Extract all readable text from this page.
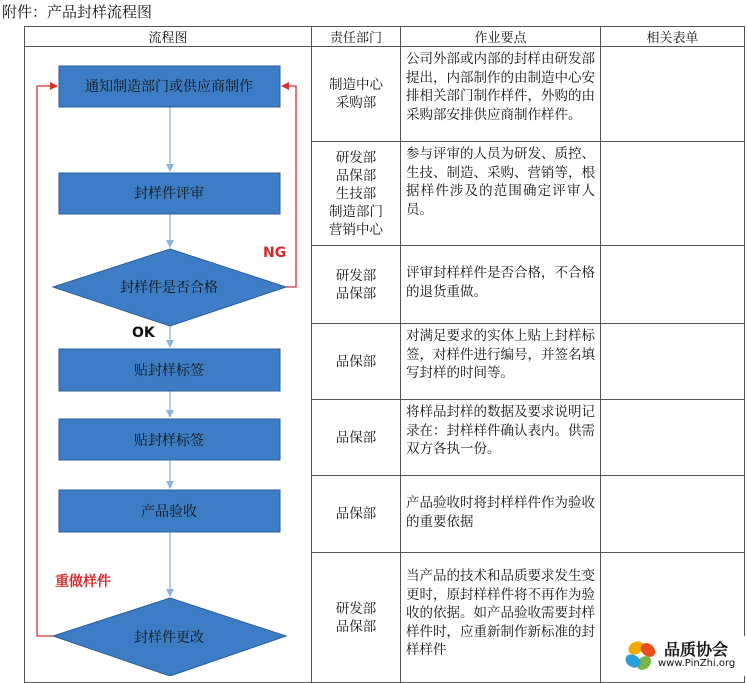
附件：产品封样流程图
流程图	责任部门	作业要点	相关表单

	制造中心
采购部	公司外部或内部的封样由研发部提出，内部制作的由制造中心安排相关部门制作样件，外购的由采购部安排供应商制作样件。	

	研发部
品保部
生技部
制造部门
营销中心	参与评审的人员为研发、质控、生技、制造、采购、营销等，根据样件涉及的范围确定评审人员。	

	研发部
品保部	评审封样样件是否合格，不合格的退货重做。	

	品保部	对满足要求的实体上贴上封样标签，对样件进行编号，并签名填写封样的时间等。	

	品保部	将样品封样的数据及要求说明记录在：封样样件确认表内。供需双方各执一份。	

	品保部	产品验收时将封样样件作为验收的重要依据	

	研发部
品保部	当产品的技术和品质要求发生变更时，原封样样件将不再作为验收的依据。如产品验收需要封样样件时，应重新制作新标准的封样样件	
通知制造部门或供应商制作
封样件评审
封样件是否合格
贴封样标签
贴封样标签
产品验收
封样件更改
NG
OK
重做样件
品质协会
www.PinZhi.org
